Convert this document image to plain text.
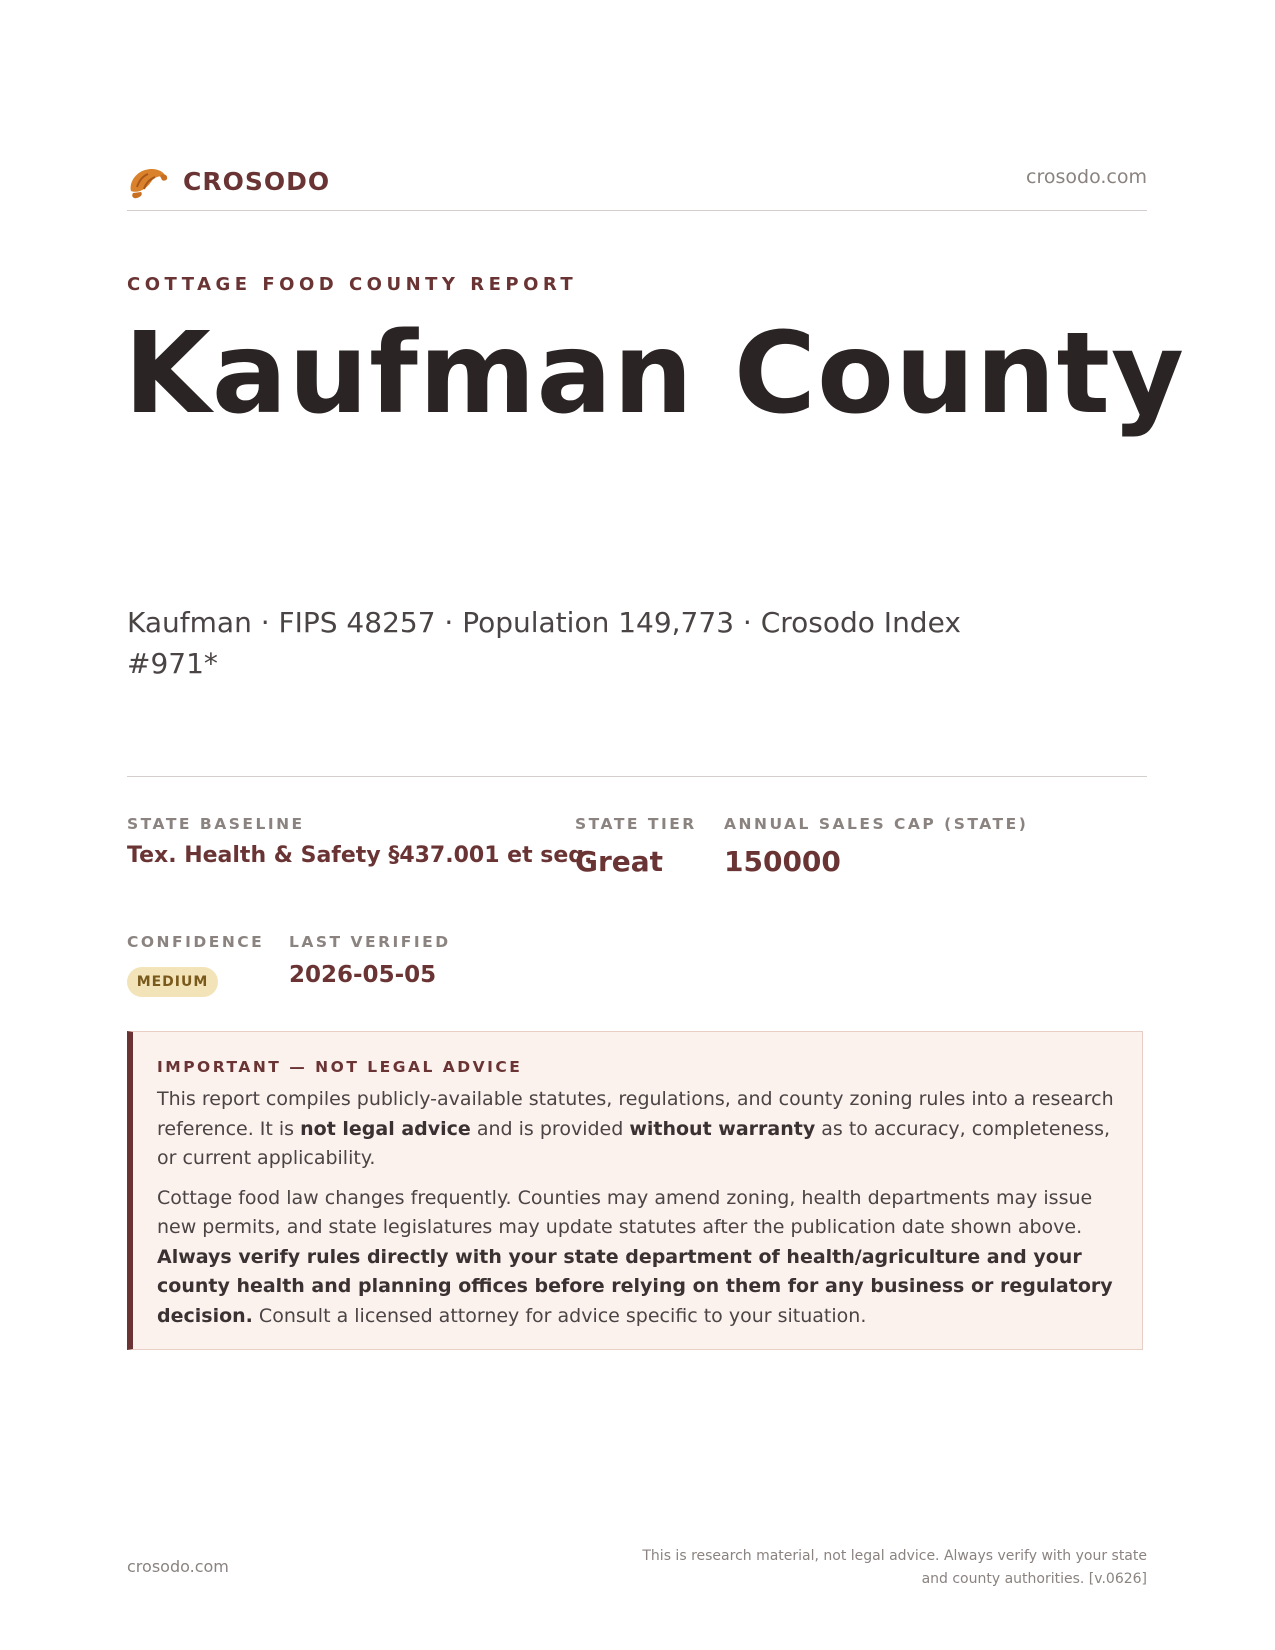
CROSODO	crosodo.com
COTTAGE FOOD COUNTY REPORT
Kaufman County
Kaufman · FIPS 48257 · Population 149,773 · Crosodo Index #971*
STATE BASELINE
Tex. Health & Safety §437.001 et seq.
STATE TIER
Great
ANNUAL SALES CAP (STATE)
150000
CONFIDENCE
MEDIUM
LAST VERIFIED
2026-05-05
IMPORTANT — NOT LEGAL ADVICE

This report compiles publicly-available statutes, regulations, and county zoning rules into a research reference. It is not legal advice and is provided without warranty as to accuracy, completeness, or current applicability.

Cottage food law changes frequently. Counties may amend zoning, health departments may issue new permits, and state legislatures may update statutes after the publication date shown above. Always verify rules directly with your state department of health/agriculture and your county health and planning offices before relying on them for any business or regulatory decision. Consult a licensed attorney for advice specific to your situation.

crosodo.com
This is research material, not legal advice. Always verify with your state and county authorities. [v.0626]
